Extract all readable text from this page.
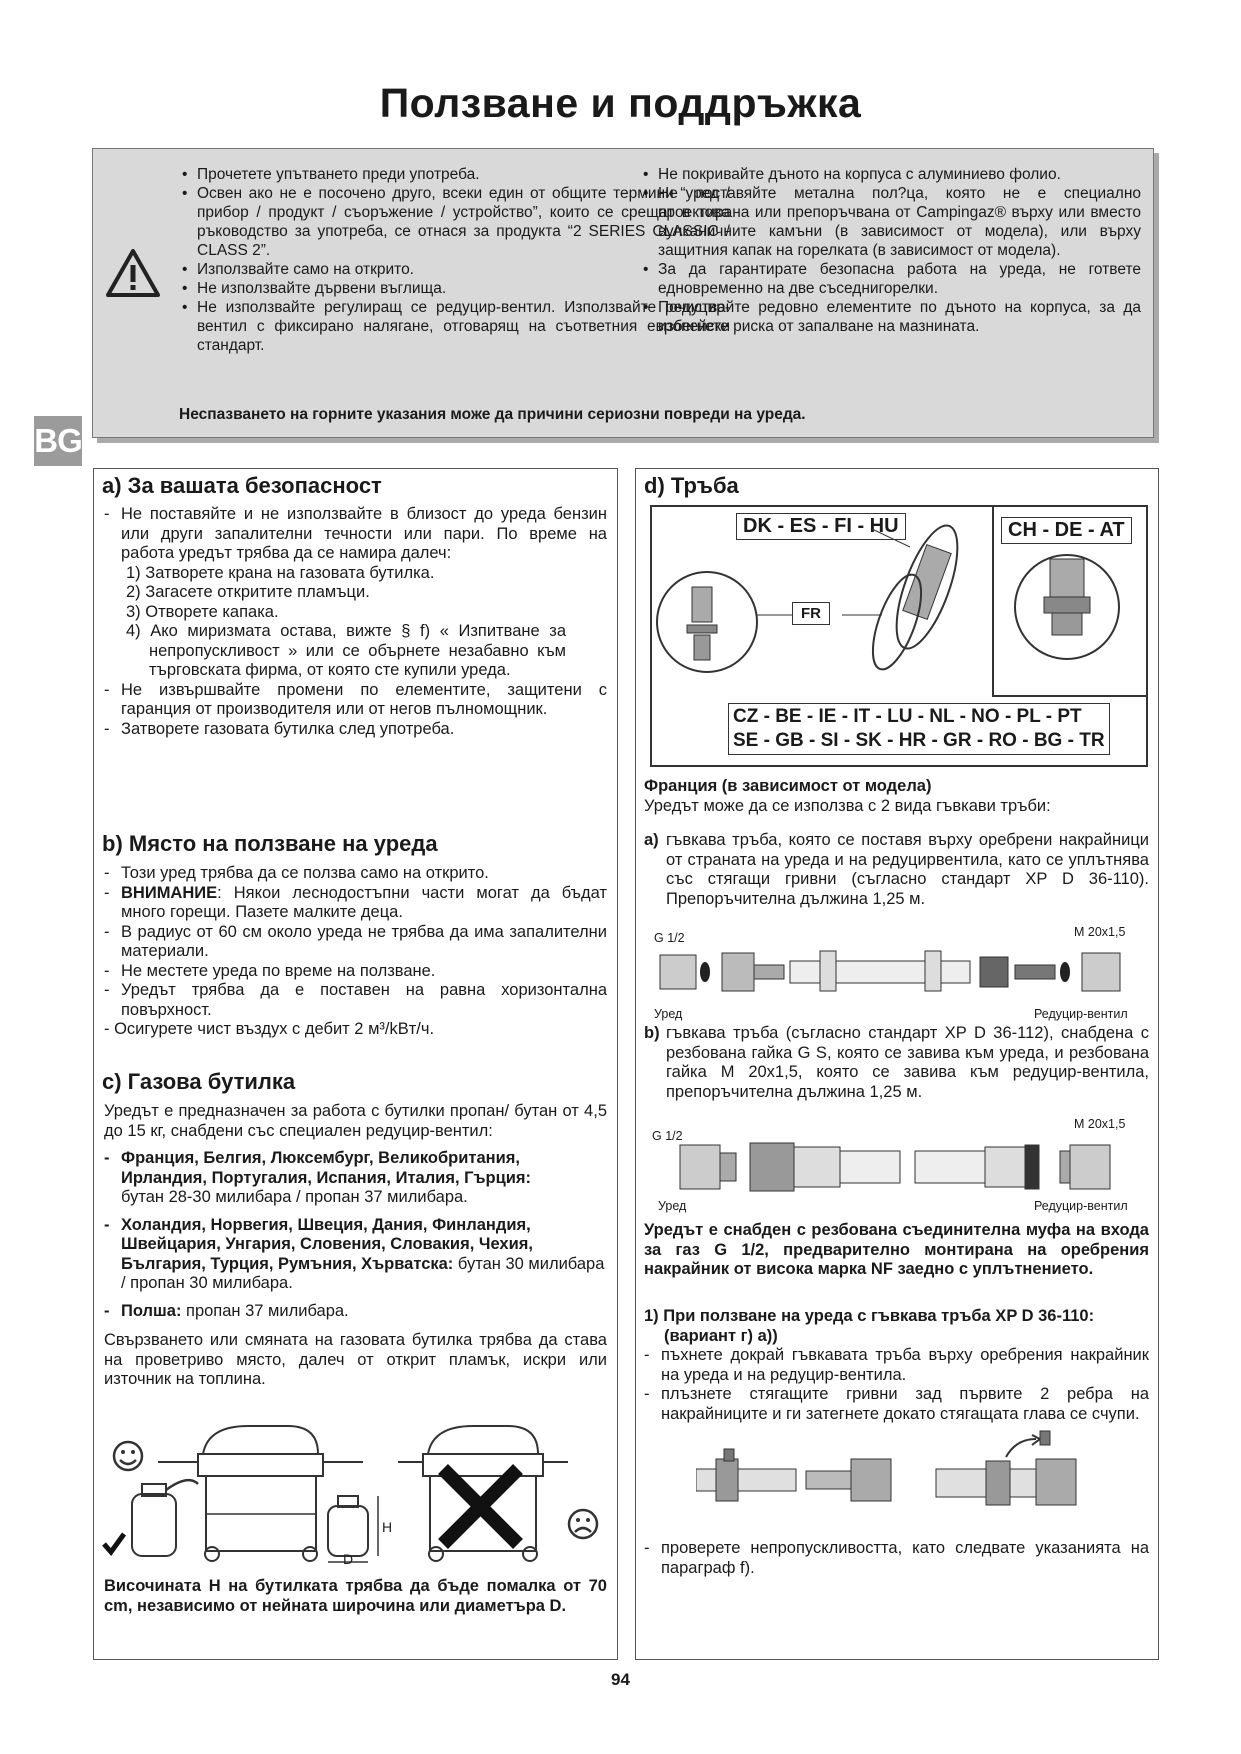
Ползване и поддръжка
• Прочетете упътването преди употреба.
• Освен ако не е посочено друго, всеки един от общите термини “уред / прибор / продукт / съоръжение / устройство”, които се срещат в това ръководство за употреба, се отнася за продукта “2 SERIES CLASSIC / CLASS 2”.
• Използвайте само на открито.
• Не използвайте дървени въглища.
• Не използвайте регулиращ се редуцир-вентил. Използвайте редуцир-вентил с фиксирано налягане, отговарящ на съответния европейски стандарт.
• Не покривайте дъното на корпуса с алуминиево фолио.
• Не поставяйте метална пол?ца, която не е специално проектирана или препоръчвана от Campingaz® върху или вместо вулканичните камъни (в зависимост от модела), или върху защитния капак на горелката (в зависимост от модела).
• За да гарантирате безопасна работа на уреда, не гответе едновременно на две съседнигорелки.
• Почиствайте редовно елементите по дъното на корпуса, за да избегнете риска от запалване на мазнината.
Неспазването на горните указания може да причини сериозни повреди на уреда.
BG
a) За вашата безопасност

- Не поставяйте и не използвайте в близост до уреда бензин или други запалителни течности или пари. По време на работа уредът трябва да се намира далеч:

1) Затворете крана на газовата бутилка.

2) Загасете откритите пламъци.

3) Отворете капака.

4) Ако миризмата остава, вижте § f) « Изпитване за непропускливост » или се обърнете незабавно към търговската фирма, от която сте купили уреда.

- Не извършвайте промени по елементите, защитени с гаранция от производителя или от негов пълномощник.

- Затворете газовата бутилка след употреба.

b) Място на ползване на уреда

- Този уред трябва да се ползва само на открито.

- ВНИМАНИЕ: Някои леснодостъпни части могат да бъдат много горещи. Пазете малките деца.

- В радиус от 60 см около уреда не трябва да има запалителни материали.

- Не местете уреда по време на ползване.

- Уредът трябва да е поставен на равна хоризонтална повърхност.

- Осигурете чист въздух с дебит 2 м³/kBт/ч.

c) Газова бутилка

Уредът е предназначен за работа с бутилки пропан/ бутан от 4,5 до 15 кг, снабдени със специален редуцир-вентил:

- Франция, Белгия, Люксембург, Великобритания, Ирландия, Португалия, Испания, Италия, Гърция:
бутан 28-30 милибара / пропан 37 милибара.

- Холандия, Норвегия, Швеция, Дания, Финландия, Швейцария, Унгария, Словения, Словакия, Чехия, България, Турция, Румъния, Хърватска: бутан 30 милибара / пропан 30 милибара.

- Полша: пропан 37 милибара.

Свързването или смяната на газовата бутилка трябва да става на проветриво място, далеч от открит пламък, искри или източник на топлина.

H
D
Височината H на бутилката трябва да бъде помалка от 70 cm, независимо от нейната широчина или диаметъра D.
d) Тръба
DK - ES - FI - HU	CH - DE - AT
FR
CZ - BE - IE - IT - LU - NL - NO - PL - PT
SE - GB - SI - SK - HR - GR - RO - BG - TR

Франция (в зависимост от модела)

Уредът може да се използва с 2 вида гъвкави тръби:

a) гъвкава тръба, която се поставя върху оребрени накрайници от страната на уреда и на редуцирвентила, като се уплътнява със стягащи гривни (съгласно стандарт XP D 36-110). Препоръчителна дължина 1,25 м.
G 1/2	M 20x1,5
Уред	Редуцир-вентил
b) гъвкава тръба (съгласно стандарт XP D 36-112), снабдена с резбована гайка G S, която се завива към уреда, и резбована гайка M 20x1,5, която се завива към редуцир-вентила, препоръчителна дължина 1,25 м.
G 1/2
M 20x1,5
Уред	Редуцир-вентил
Уредът е снабден с резбована съединителна муфа на входа за газ G 1/2, предварително монтирана на оребрения накрайник от висока марка NF заедно с уплътнението.

1) При ползване на уреда с гъвкава тръба XP D 36-110: (вариант г) а))

- пъхнете докрай гъвкавата тръба върху оребрения накрайник на уреда и на редуцир-вентила.

- плъзнете стягащите гривни зад първите 2 ребра на накрайниците и ги затегнете докато стягащата глава се счупи.

- проверете непропускливостта, като следвате указанията на параграф f).

94
